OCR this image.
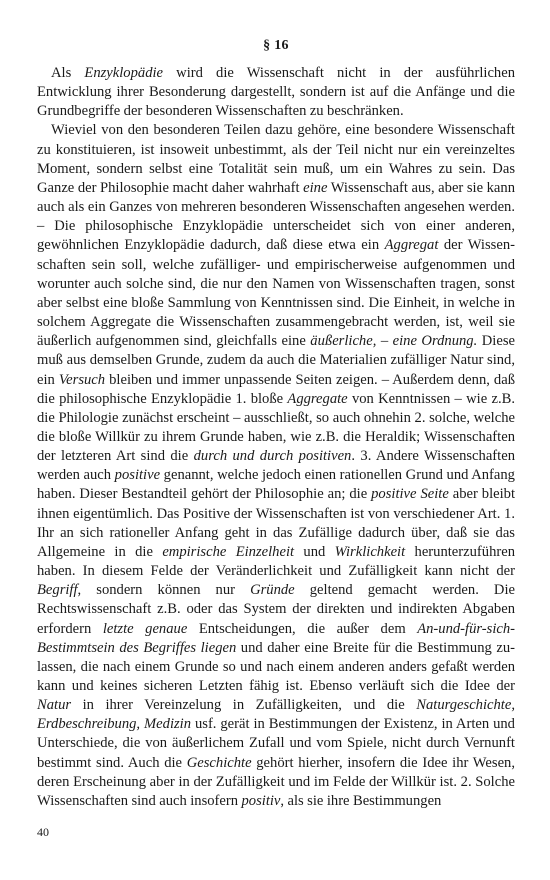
§ 16

Als Enzyklopädie wird die Wissenschaft nicht in der ausführlichen Entwicklung ihrer Besonderung dargestellt, sondern ist auf die Anfänge und die Grundbegriffe der besonderen Wissenschaften zu beschränken.

Wieviel von den besonderen Teilen dazu gehöre, eine besondere Wissenschaft zu konstituieren, ist insoweit unbestimmt, als der Teil nicht nur ein vereinzeltes Moment, sondern selbst eine Totalität sein muß, um ein Wahres zu sein. Das Ganze der Philosophie macht daher wahrhaft eine Wissenschaft aus, aber sie kann auch als ein Ganzes von mehreren besonderen Wissenschaften angesehen werden. – Die philosophische Enzyklopädie unterscheidet sich von einer anderen, gewöhnlichen Enzyklopädie dadurch, daß diese etwa ein Aggregat der Wissenschaften sein soll, welche zufälliger- und empirischerweise aufgenommen und worunter auch solche sind, die nur den Namen von Wissenschaften tragen, sonst aber selbst eine bloße Sammlung von Kenntnissen sind. Die Einheit, in welche in solchem Aggregate die Wissenschaften zusammengebracht werden, ist, weil sie äußerlich aufgenommen sind, gleichfalls eine äußerliche, – eine Ordnung. Diese muß aus demselben Grunde, zudem da auch die Materialien zufälliger Natur sind, ein Versuch bleiben und immer unpassende Seiten zeigen. – Außerdem denn, daß die philosophische Enzyklopädie 1. bloße Aggregate von Kenntnissen – wie z.B. die Philologie zunächst erscheint – ausschließt, so auch ohnehin 2. solche, welche die bloße Willkür zu ihrem Grunde haben, wie z.B. die Heraldik; Wissenschaften der letzteren Art sind die durch und durch positiven. 3. Andere Wissenschaften werden auch positive genannt, welche jedoch einen rationellen Grund und Anfang haben. Dieser Bestandteil gehört der Philosophie an; die positive Seite aber bleibt ihnen eigentümlich. Das Positive der Wissenschaften ist von verschiedener Art. 1. Ihr an sich rationeller Anfang geht in das Zufällige dadurch über, daß sie das Allgemeine in die empirische Einzelheit und Wirklichkeit herunterzuführen haben. In diesem Felde der Veränderlichkeit und Zufälligkeit kann nicht der Begriff, sondern können nur Gründe geltend gemacht werden. Die Rechtswissenschaft z.B. oder das System der direkten und indirekten Abgaben erfordern letzte genaue Entscheidungen, die außer dem An-und-für-sich-Bestimmtsein des Begriffes liegen und daher eine Breite für die Bestimmung zulassen, die nach einem Grunde so und nach einem anderen anders gefaßt werden kann und keines sicheren Letzten fähig ist. Ebenso verläuft sich die Idee der Natur in ihrer Vereinzelung in Zufälligkeiten, und die Naturgeschichte, Erdbeschreibung, Medizin usf. gerät in Bestimmungen der Existenz, in Arten und Unterschiede, die von äußerlichem Zufall und vom Spiele, nicht durch Vernunft bestimmt sind. Auch die Geschichte gehört hierher, insofern die Idee ihr Wesen, deren Erscheinung aber in der Zufälligkeit und im Felde der Willkür ist. 2. Solche Wissenschaften sind auch insofern positiv, als sie ihre Bestimmungen

40
